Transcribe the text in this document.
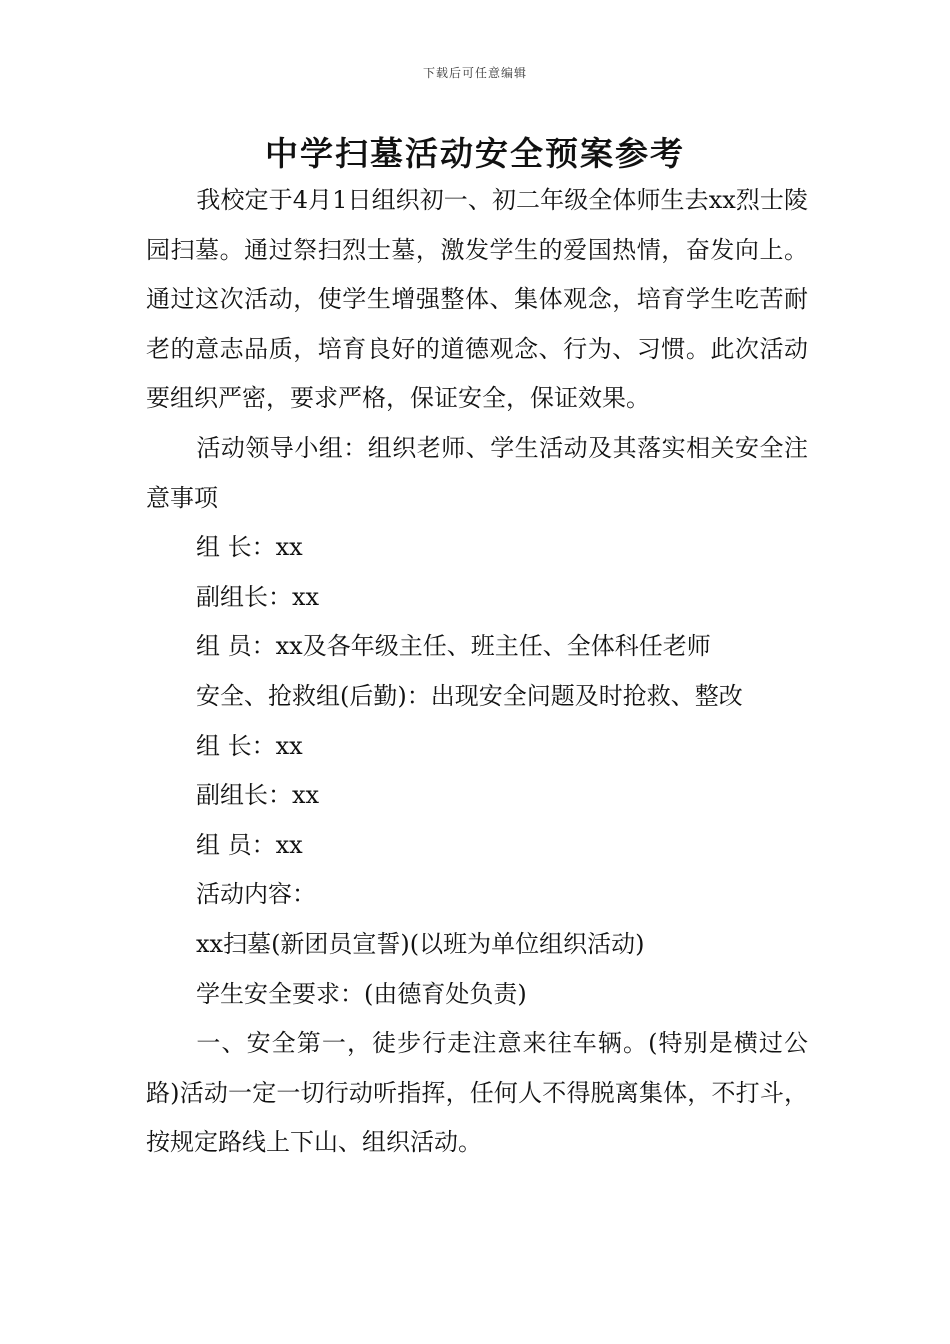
下载后可任意编辑
中学扫墓活动安全预案参考

我校定于4月1日组织初一、初二年级全体师生去xx烈士陵园扫墓。通过祭扫烈士墓，激发学生的爱国热情，奋发向上。通过这次活动，使学生增强整体、集体观念，培育学生吃苦耐老的意志品质，培育良好的道德观念、行为、习惯。此次活动要组织严密，要求严格，保证安全，保证效果。

活动领导小组：组织老师、学生活动及其落实相关安全注意事项

组 长：xx

副组长：xx

组 员：xx及各年级主任、班主任、全体科任老师

安全、抢救组(后勤)：出现安全问题及时抢救、整改

组 长：xx

副组长：xx

组 员：xx

活动内容：

xx扫墓(新团员宣誓)(以班为单位组织活动)

学生安全要求：(由德育处负责)

一、安全第一，徒步行走注意来往车辆。(特别是横过公路)活动一定一切行动听指挥，任何人不得脱离集体，不打斗，按规定路线上下山、组织活动。
